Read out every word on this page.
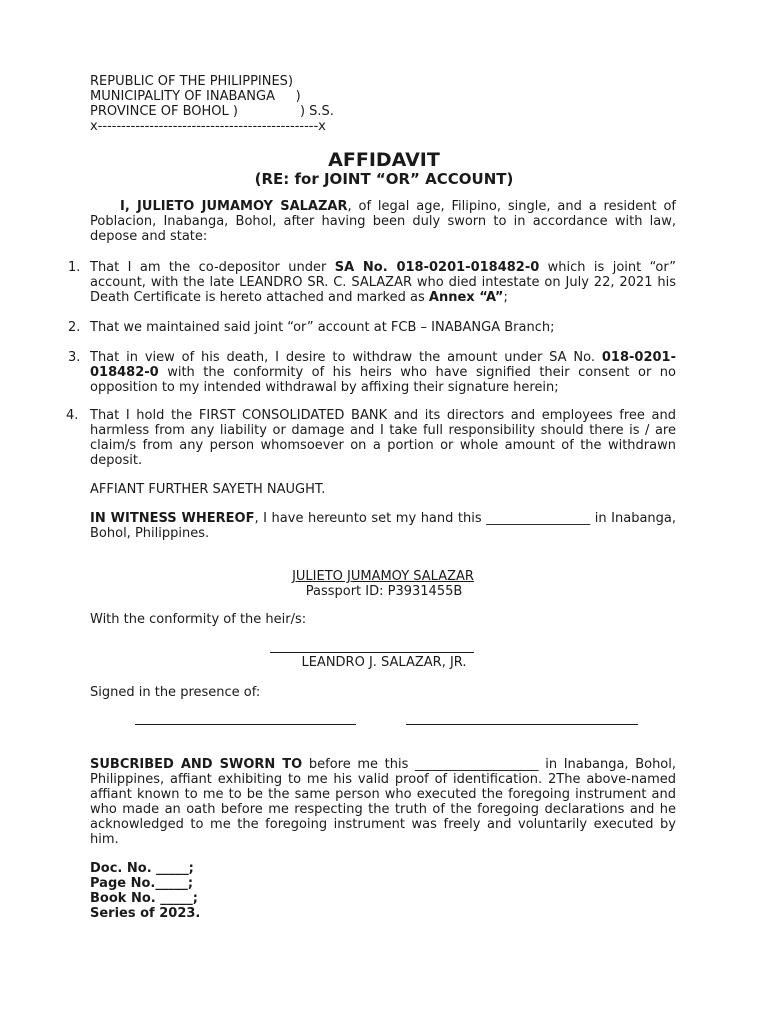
REPUBLIC OF THE PHILIPPINES)
MUNICIPALITY OF INABANGA     )
PROVINCE OF BOHOL )               ) S.S.
x-----------------------------------------------x
AFFIDAVIT
(RE: for JOINT “OR” ACCOUNT)
I, JULIETO JUMAMOY SALAZAR, of legal age, Filipino, single, and a resident of Poblacion, Inabanga, Bohol, after having been duly sworn to in accordance with law, depose and state:
1. That I am the co-depositor under SA No. 018-0201-018482-0 which is joint “or” account, with the late LEANDRO SR. C. SALAZAR who died intestate on July 22, 2021 his Death Certificate is hereto attached and marked as Annex “A”;
2. That we maintained said joint “or” account at FCB – INABANGA Branch;
3. That in view of his death, I desire to withdraw the amount under SA No. 018-0201-018482-0 with the conformity of his heirs who have signified their consent or no opposition to my intended withdrawal by affixing their signature herein;
4. That I hold the FIRST CONSOLIDATED BANK and its directors and employees free and harmless from any liability or damage and I take full responsibility should there is / are claim/s from any person whomsoever on a portion or whole amount of the withdrawn deposit.
AFFIANT FURTHER SAYETH NAUGHT.
IN WITNESS WHEREOF, I have hereunto set my hand this ________________ in Inabanga, Bohol, Philippines.
JULIETO JUMAMOY SALAZAR
Passport ID: P3931455B
With the conformity of the heir/s:
LEANDRO J. SALAZAR, JR.
Signed in the presence of:
SUBCRIBED AND SWORN TO before me this ___________________ in Inabanga, Bohol, Philippines, affiant exhibiting to me his valid proof of identification. 2The above-named affiant known to me to be the same person who executed the foregoing instrument and who made an oath before me respecting the truth of the foregoing declarations and he acknowledged to me the foregoing instrument was freely and voluntarily executed by him.
Doc. No. _____;
Page No._____;
Book No. _____;
Series of 2023.
